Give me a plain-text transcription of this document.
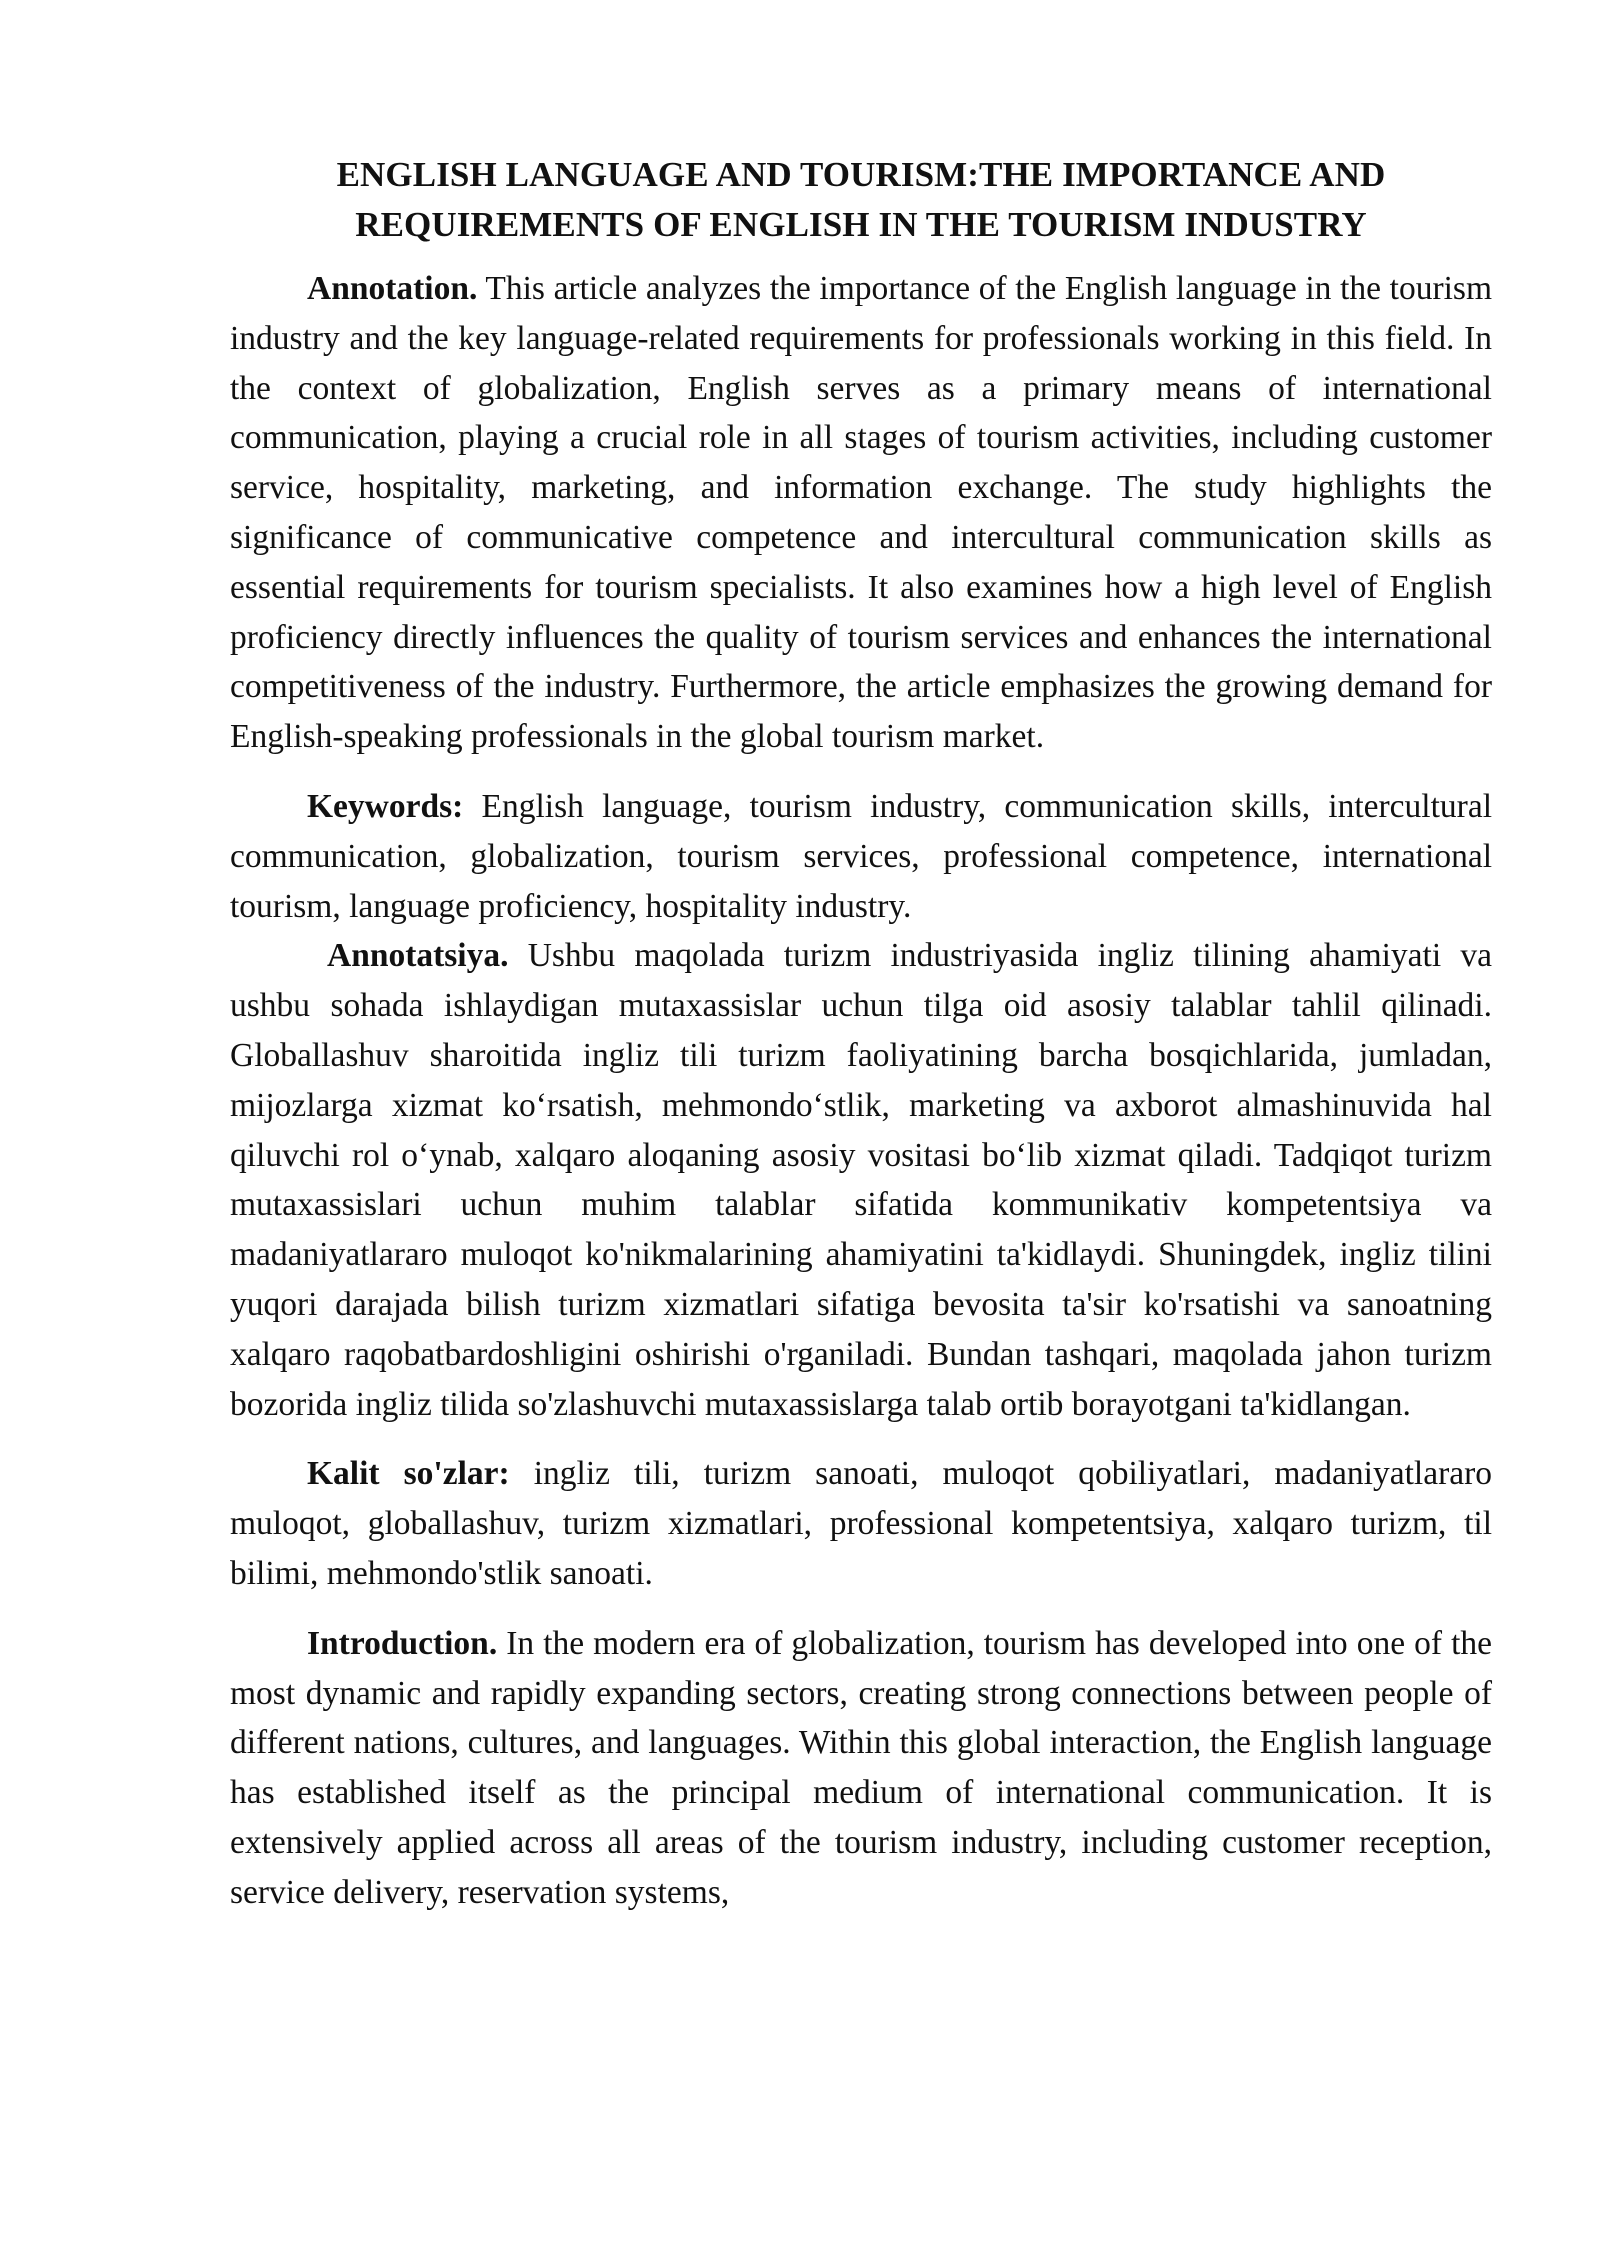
ENGLISH LANGUAGE AND TOURISM:THE IMPORTANCE AND
REQUIREMENTS OF ENGLISH IN THE TOURISM INDUSTRY

Annotation. This article analyzes the importance of the English language in the tourism industry and the key language-related requirements for professionals working in this field. In the context of globalization, English serves as a primary means of international communication, playing a crucial role in all stages of tourism activities, including customer service, hospitality, marketing, and information exchange. The study highlights the significance of communicative competence and intercultural communication skills as essential requirements for tourism specialists. It also examines how a high level of English proficiency directly influences the quality of tourism services and enhances the international competitiveness of the industry. Furthermore, the article emphasizes the growing demand for English-speaking professionals in the global tourism market.

Keywords: English language, tourism industry, communication skills, intercultural communication, globalization, tourism services, professional competence, international tourism, language proficiency, hospitality industry.

Annotatsiya. Ushbu maqolada turizm industriyasida ingliz tilining ahamiyati va ushbu sohada ishlaydigan mutaxassislar uchun tilga oid asosiy talablar tahlil qilinadi. Globallashuv sharoitida ingliz tili turizm faoliyatining barcha bosqichlarida, jumladan, mijozlarga xizmat ko‘rsatish, mehmondo‘stlik, marketing va axborot almashinuvida hal qiluvchi rol o‘ynab, xalqaro aloqaning asosiy vositasi bo‘lib xizmat qiladi. Tadqiqot turizm mutaxassislari uchun muhim talablar sifatida kommunikativ kompetentsiya va madaniyatlararo muloqot ko'nikmalarining ahamiyatini ta'kidlaydi. Shuningdek, ingliz tilini yuqori darajada bilish turizm xizmatlari sifatiga bevosita ta'sir ko'rsatishi va sanoatning xalqaro raqobatbardoshligini oshirishi o'rganiladi. Bundan tashqari, maqolada jahon turizm bozorida ingliz tilida so'zlashuvchi mutaxassislarga talab ortib borayotgani ta'kidlangan.

Kalit so'zlar: ingliz tili, turizm sanoati, muloqot qobiliyatlari, madaniyatlararo muloqot, globallashuv, turizm xizmatlari, professional kompetentsiya, xalqaro turizm, til bilimi, mehmondo'stlik sanoati.

Introduction. In the modern era of globalization, tourism has developed into one of the most dynamic and rapidly expanding sectors, creating strong connections between people of different nations, cultures, and languages. Within this global interaction, the English language has established itself as the principal medium of international communication. It is extensively applied across all areas of the tourism industry, including customer reception, service delivery, reservation systems,
